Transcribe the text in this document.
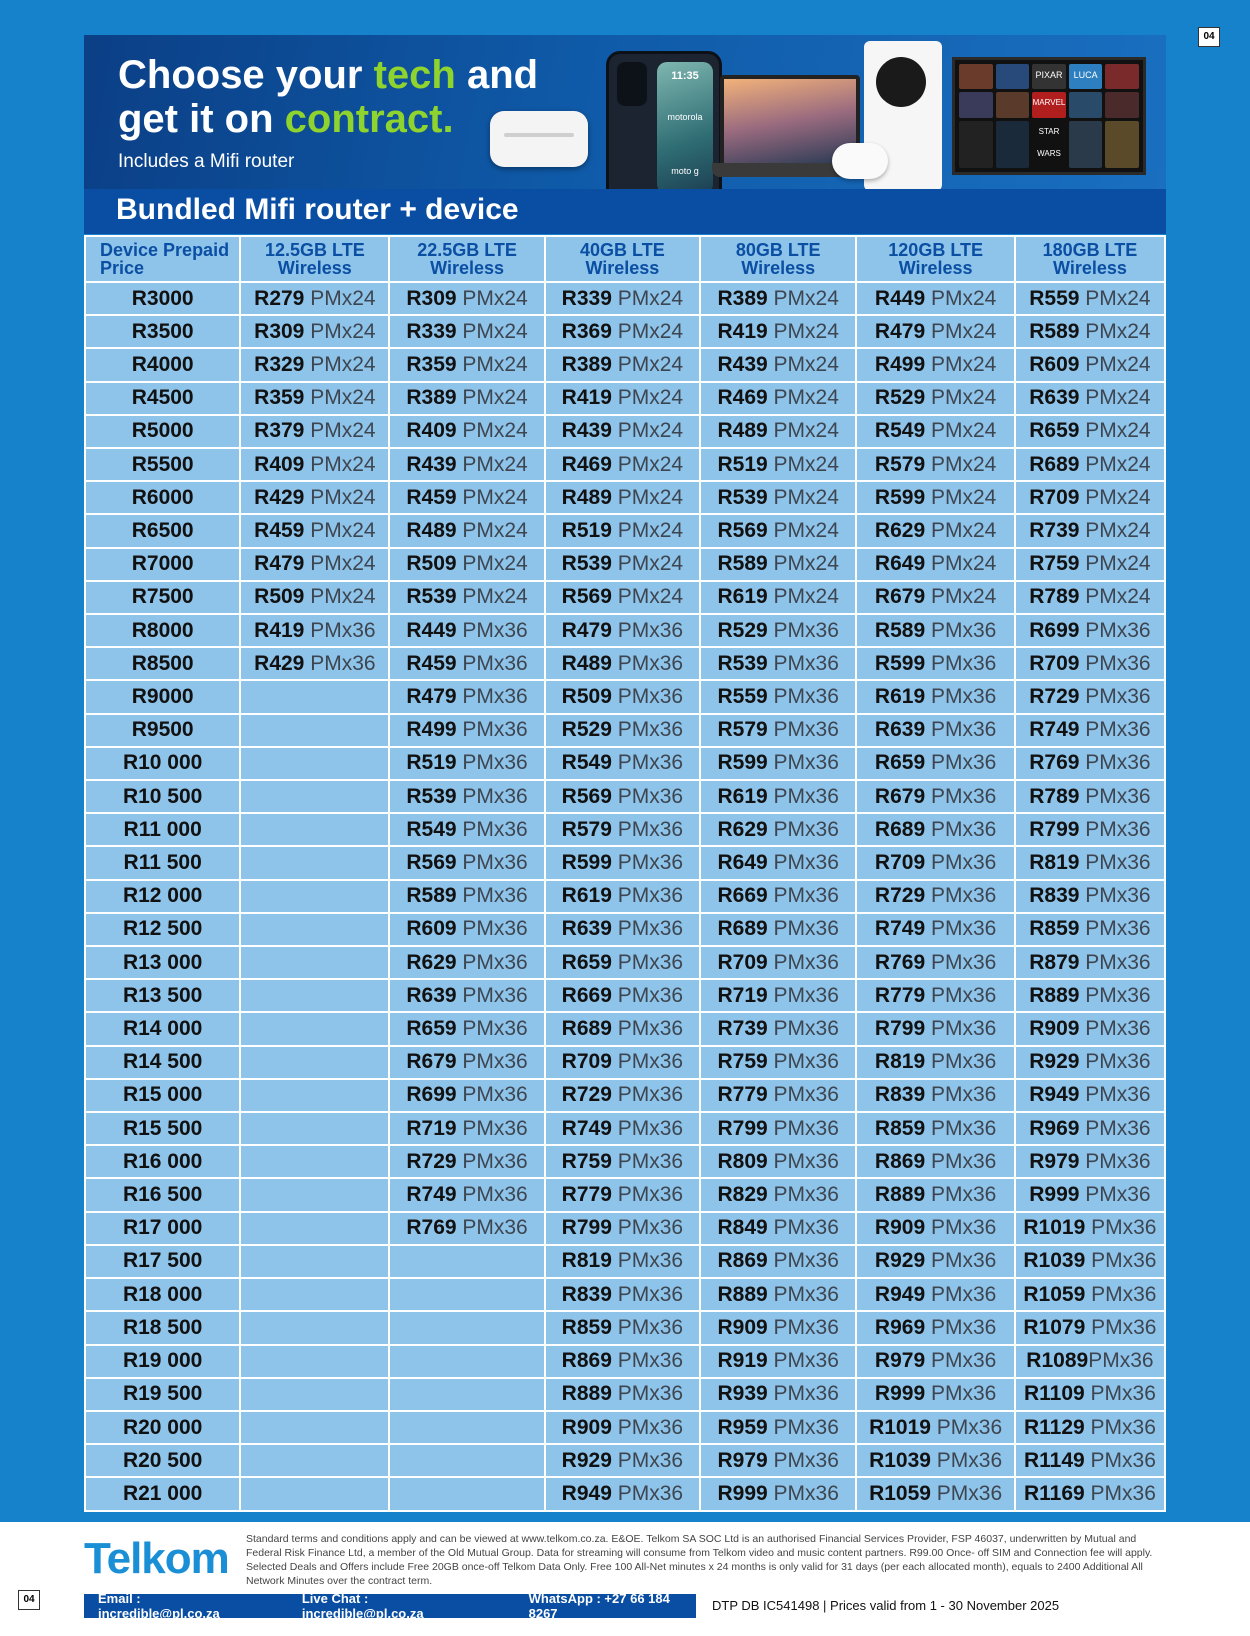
04
Choose your tech and get it on contract.
Includes a Mifi router
11:35
motorola
moto g
PIXAR	LUCA
MARVEL
STAR WARS
Bundled Mifi router + device
Device Prepaid Price	12.5GB LTE Wireless	22.5GB LTE Wireless	40GB LTE Wireless	80GB LTE Wireless	120GB LTE Wireless	180GB LTE Wireless
R3000	R279 PMx24	R309 PMx24	R339 PMx24	R389 PMx24	R449 PMx24	R559 PMx24
R3500	R309 PMx24	R339 PMx24	R369 PMx24	R419 PMx24	R479 PMx24	R589 PMx24
R4000	R329 PMx24	R359 PMx24	R389 PMx24	R439 PMx24	R499 PMx24	R609 PMx24
R4500	R359 PMx24	R389 PMx24	R419 PMx24	R469 PMx24	R529 PMx24	R639 PMx24
R5000	R379 PMx24	R409 PMx24	R439 PMx24	R489 PMx24	R549 PMx24	R659 PMx24
R5500	R409 PMx24	R439 PMx24	R469 PMx24	R519 PMx24	R579 PMx24	R689 PMx24
R6000	R429 PMx24	R459 PMx24	R489 PMx24	R539 PMx24	R599 PMx24	R709 PMx24
R6500	R459 PMx24	R489 PMx24	R519 PMx24	R569 PMx24	R629 PMx24	R739 PMx24
R7000	R479 PMx24	R509 PMx24	R539 PMx24	R589 PMx24	R649 PMx24	R759 PMx24
R7500	R509 PMx24	R539 PMx24	R569 PMx24	R619 PMx24	R679 PMx24	R789 PMx24
R8000	R419 PMx36	R449 PMx36	R479 PMx36	R529 PMx36	R589 PMx36	R699 PMx36
R8500	R429 PMx36	R459 PMx36	R489 PMx36	R539 PMx36	R599 PMx36	R709 PMx36
R9000		R479 PMx36	R509 PMx36	R559 PMx36	R619 PMx36	R729 PMx36
R9500		R499 PMx36	R529 PMx36	R579 PMx36	R639 PMx36	R749 PMx36
R10 000		R519 PMx36	R549 PMx36	R599 PMx36	R659 PMx36	R769 PMx36
R10 500		R539 PMx36	R569 PMx36	R619 PMx36	R679 PMx36	R789 PMx36
R11 000		R549 PMx36	R579 PMx36	R629 PMx36	R689 PMx36	R799 PMx36
R11 500		R569 PMx36	R599 PMx36	R649 PMx36	R709 PMx36	R819 PMx36
R12 000		R589 PMx36	R619 PMx36	R669 PMx36	R729 PMx36	R839 PMx36
R12 500		R609 PMx36	R639 PMx36	R689 PMx36	R749 PMx36	R859 PMx36
R13 000		R629 PMx36	R659 PMx36	R709 PMx36	R769 PMx36	R879 PMx36
R13 500		R639 PMx36	R669 PMx36	R719 PMx36	R779 PMx36	R889 PMx36
R14 000		R659 PMx36	R689 PMx36	R739 PMx36	R799 PMx36	R909 PMx36
R14 500		R679 PMx36	R709 PMx36	R759 PMx36	R819 PMx36	R929 PMx36
R15 000		R699 PMx36	R729 PMx36	R779 PMx36	R839 PMx36	R949 PMx36
R15 500		R719 PMx36	R749 PMx36	R799 PMx36	R859 PMx36	R969 PMx36
R16 000		R729 PMx36	R759 PMx36	R809 PMx36	R869 PMx36	R979 PMx36
R16 500		R749 PMx36	R779 PMx36	R829 PMx36	R889 PMx36	R999 PMx36
R17 000		R769 PMx36	R799 PMx36	R849 PMx36	R909 PMx36	R1019 PMx36
R17 500			R819 PMx36	R869 PMx36	R929 PMx36	R1039 PMx36
R18 000			R839 PMx36	R889 PMx36	R949 PMx36	R1059 PMx36
R18 500			R859 PMx36	R909 PMx36	R969 PMx36	R1079 PMx36
R19 000			R869 PMx36	R919 PMx36	R979 PMx36	R1089PMx36
R19 500			R889 PMx36	R939 PMx36	R999 PMx36	R1109 PMx36
R20 000			R909 PMx36	R959 PMx36	R1019 PMx36	R1129 PMx36
R20 500			R929 PMx36	R979 PMx36	R1039 PMx36	R1149 PMx36
R21 000			R949 PMx36	R999 PMx36	R1059 PMx36	R1169 PMx36
Telkom Standard terms and conditions apply and can be viewed at www.telkom.co.za. E&OE. Telkom SA SOC Ltd is an authorised Financial Services Provider, FSP 46037, underwritten by Mutual and Federal Risk Finance Ltd, a member of the Old Mutual Group. Data for streaming will consume from Telkom video and music content partners. R99.00 Once- off SIM and Connection fee will apply. Selected Deals and Offers include Free 20GB once-off Telkom Data Only. Free 100 All-Net minutes x 24 months is only valid for 31 days (per each allocated month), equals to 2400 Additional All Network Minutes over the contract term.
04	Email : incredible@pl.co.za
Live Chat : incredible@pl.co.za
WhatsApp : +27 66 184 8267
DTP DB IC541498 | Prices valid from 1 - 30 November 2025
